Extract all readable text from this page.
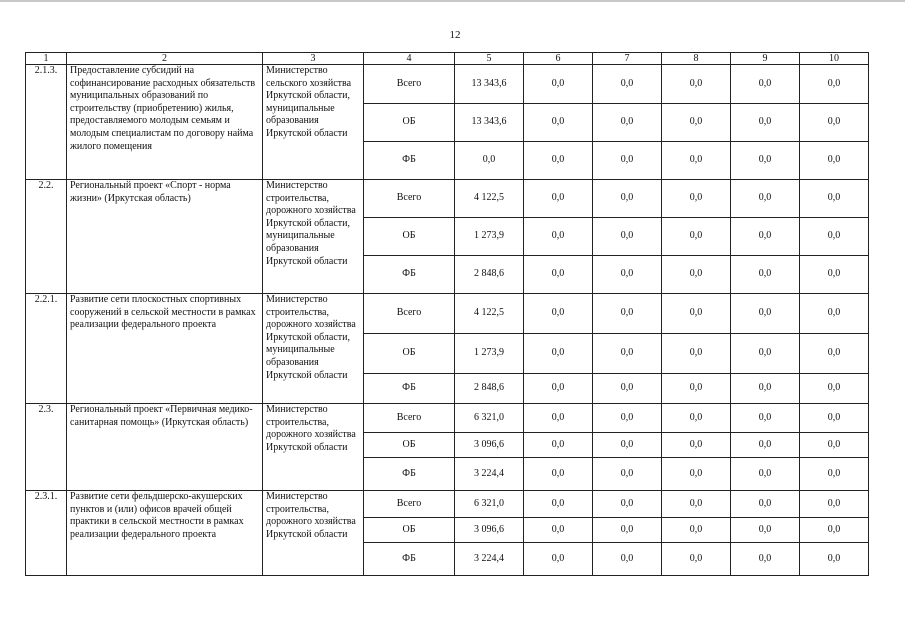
12
1	2	3	4	5	6	7	8	9	10
2.1.3.	Предоставление субсидий на софинансирование расходных обязательств муниципальных образований по строительству (приобретению) жилья, предоставляемого молодым семьям и молодым специалистам по договору найма жилого помещения	Министерство сельского хозяйства Иркутской области, муниципальные образования Иркутской области	Всего	13 343,6	0,0	0,0	0,0	0,0	0,0
			ОБ	13 343,6	0,0	0,0	0,0	0,0	0,0
			ФБ	0,0	0,0	0,0	0,0	0,0	0,0
2.2.	Региональный проект «Спорт - норма жизни» (Иркутская область)	Министерство строительства, дорожного хозяйства Иркутской области, муниципальные образования Иркутской области	Всего	4 122,5	0,0	0,0	0,0	0,0	0,0
			ОБ	1 273,9	0,0	0,0	0,0	0,0	0,0
			ФБ	2 848,6	0,0	0,0	0,0	0,0	0,0
2.2.1.	Развитие сети плоскостных спортивных сооружений в сельской местности в рамках реализации федерального проекта	Министерство строительства, дорожного хозяйства Иркутской области, муниципальные образования Иркутской области	Всего	4 122,5	0,0	0,0	0,0	0,0	0,0
			ОБ	1 273,9	0,0	0,0	0,0	0,0	0,0
			ФБ	2 848,6	0,0	0,0	0,0	0,0	0,0
2.3.	Региональный проект «Первичная медико-санитарная помощь» (Иркутская область)	Министерство строительства, дорожного хозяйства Иркутской области	Всего	6 321,0	0,0	0,0	0,0	0,0	0,0
			ОБ	3 096,6	0,0	0,0	0,0	0,0	0,0
			ФБ	3 224,4	0,0	0,0	0,0	0,0	0,0
2.3.1.	Развитие сети фельдшерско-акушерских пунктов и (или) офисов врачей общей практики в сельской местности в рамках реализации федерального проекта	Министерство строительства, дорожного хозяйства Иркутской области	Всего	6 321,0	0,0	0,0	0,0	0,0	0,0
			ОБ	3 096,6	0,0	0,0	0,0	0,0	0,0
			ФБ	3 224,4	0,0	0,0	0,0	0,0	0,0
